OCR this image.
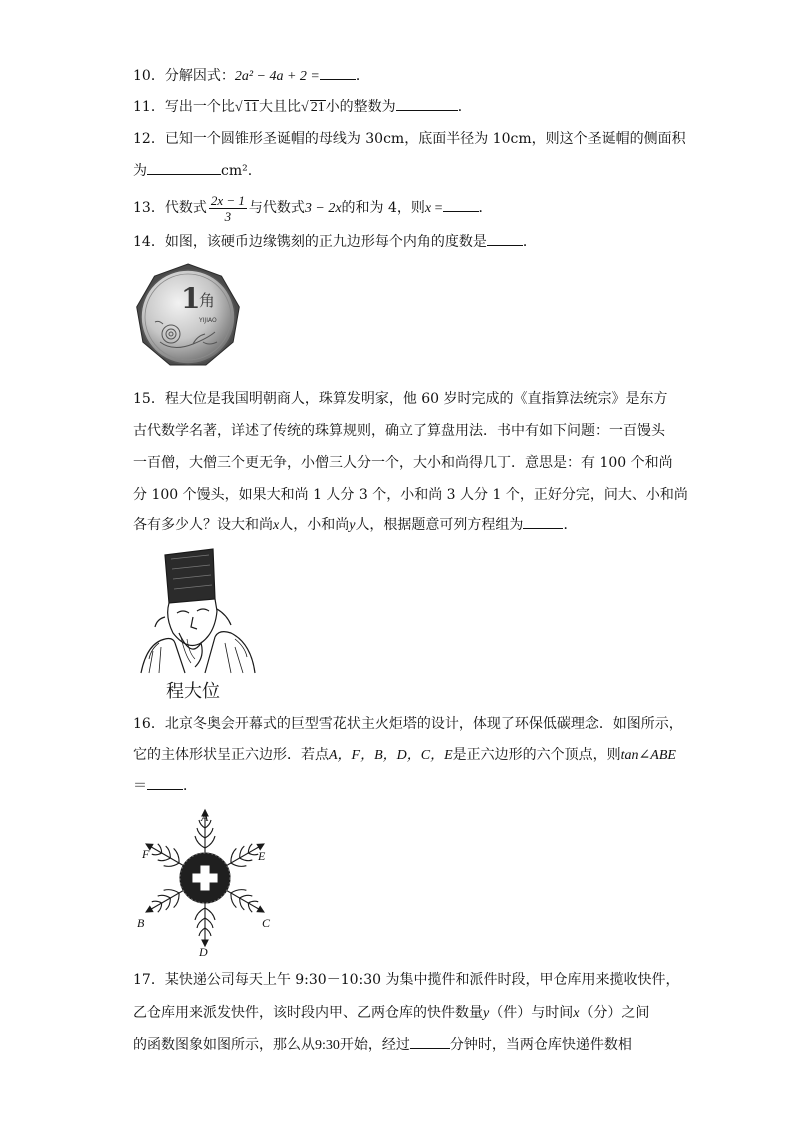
10．分解因式：2a² − 4a + 2 =	．
11．写出一个比√ 11大且比√ 21小的整数为	．
12．已知一个圆锥形圣诞帽的母线为 30cm，底面半径为 10cm，则这个圣诞帽的侧面积
为	cm².
13．代数式 $\frac{2x - 1}{3}$ 与代数式3 − 2x的和为 4，则x =	．
14．如图，该硬币边缘镌刻的正九边形每个内角的度数是	．
1
角
YIJIAO
15．程大位是我国明朝商人，珠算发明家，他 60 岁时完成的《直指算法统宗》是东方
古代数学名著，详述了传统的珠算规则，确立了算盘用法．书中有如下问题：一百馒头
一百僧，大僧三个更无争，小僧三人分一个，大小和尚得几丁．意思是：有 100 个和尚
分 100 个馒头，如果大和尚 1 人分 3 个，小和尚 3 人分 1 个，正好分完，问大、小和尚
各有多少人？设大和尚x人，小和尚y人，根据题意可列方程组为	．
程大位
16．北京冬奥会开幕式的巨型雪花状主火炬塔的设计，体现了环保低碳理念．如图所示，
它的主体形状呈正六边形．若点A，F，B，D，C，E是正六边形的六个顶点，则tan∠ABE
＝	．
A
F	E
B	C
D
17．某快递公司每天上午 9:30－10:30 为集中揽件和派件时段，甲仓库用来揽收快件，
乙仓库用来派发快件，该时段内甲、乙两仓库的快件数量y（件）与时间x（分）之间
的函数图象如图所示，那么从9:30开始，经过	分钟时，当两仓库快递件数相
